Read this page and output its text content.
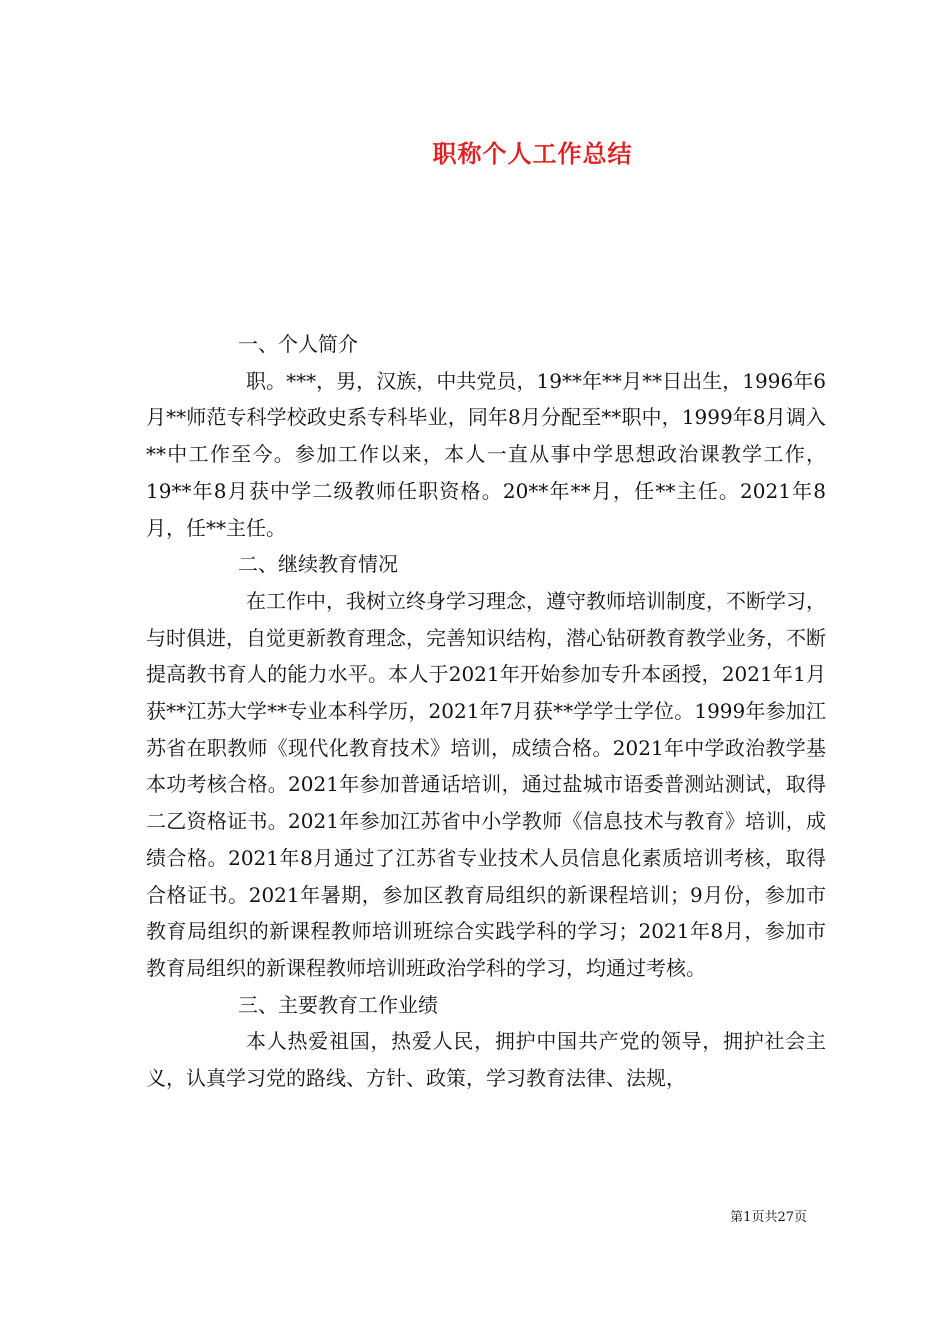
职称个人工作总结

一、个人简介

职。***，男，汉族，中共党员，19**年**月**日出生，1996年6月**师范专科学校政史系专科毕业，同年8月分配至**职中，1999年8月调入**中工作至今。参加工作以来，本人一直从事中学思想政治课教学工作，19**年8月获中学二级教师任职资格。20**年**月，任**主任。2021年8月，任**主任。

二、继续教育情况

在工作中，我树立终身学习理念，遵守教师培训制度，不断学习，与时俱进，自觉更新教育理念，完善知识结构，潜心钻研教育教学业务，不断提高教书育人的能力水平。本人于2021年开始参加专升本函授，2021年1月获**江苏大学**专业本科学历，2021年7月获**学学士学位。1999年参加江苏省在职教师《现代化教育技术》培训，成绩合格。2021年中学政治教学基本功考核合格。2021年参加普通话培训，通过盐城市语委普测站测试，取得二乙资格证书。2021年参加江苏省中小学教师《信息技术与教育》培训，成绩合格。2021年8月通过了江苏省专业技术人员信息化素质培训考核，取得合格证书。2021年暑期，参加区教育局组织的新课程培训；9月份，参加市教育局组织的新课程教师培训班综合实践学科的学习；2021年8月，参加市教育局组织的新课程教师培训班政治学科的学习，均通过考核。

三、主要教育工作业绩

本人热爱祖国，热爱人民，拥护中国共产党的领导，拥护社会主义，认真学习党的路线、方针、政策，学习教育法律、法规，

第1页共27页
